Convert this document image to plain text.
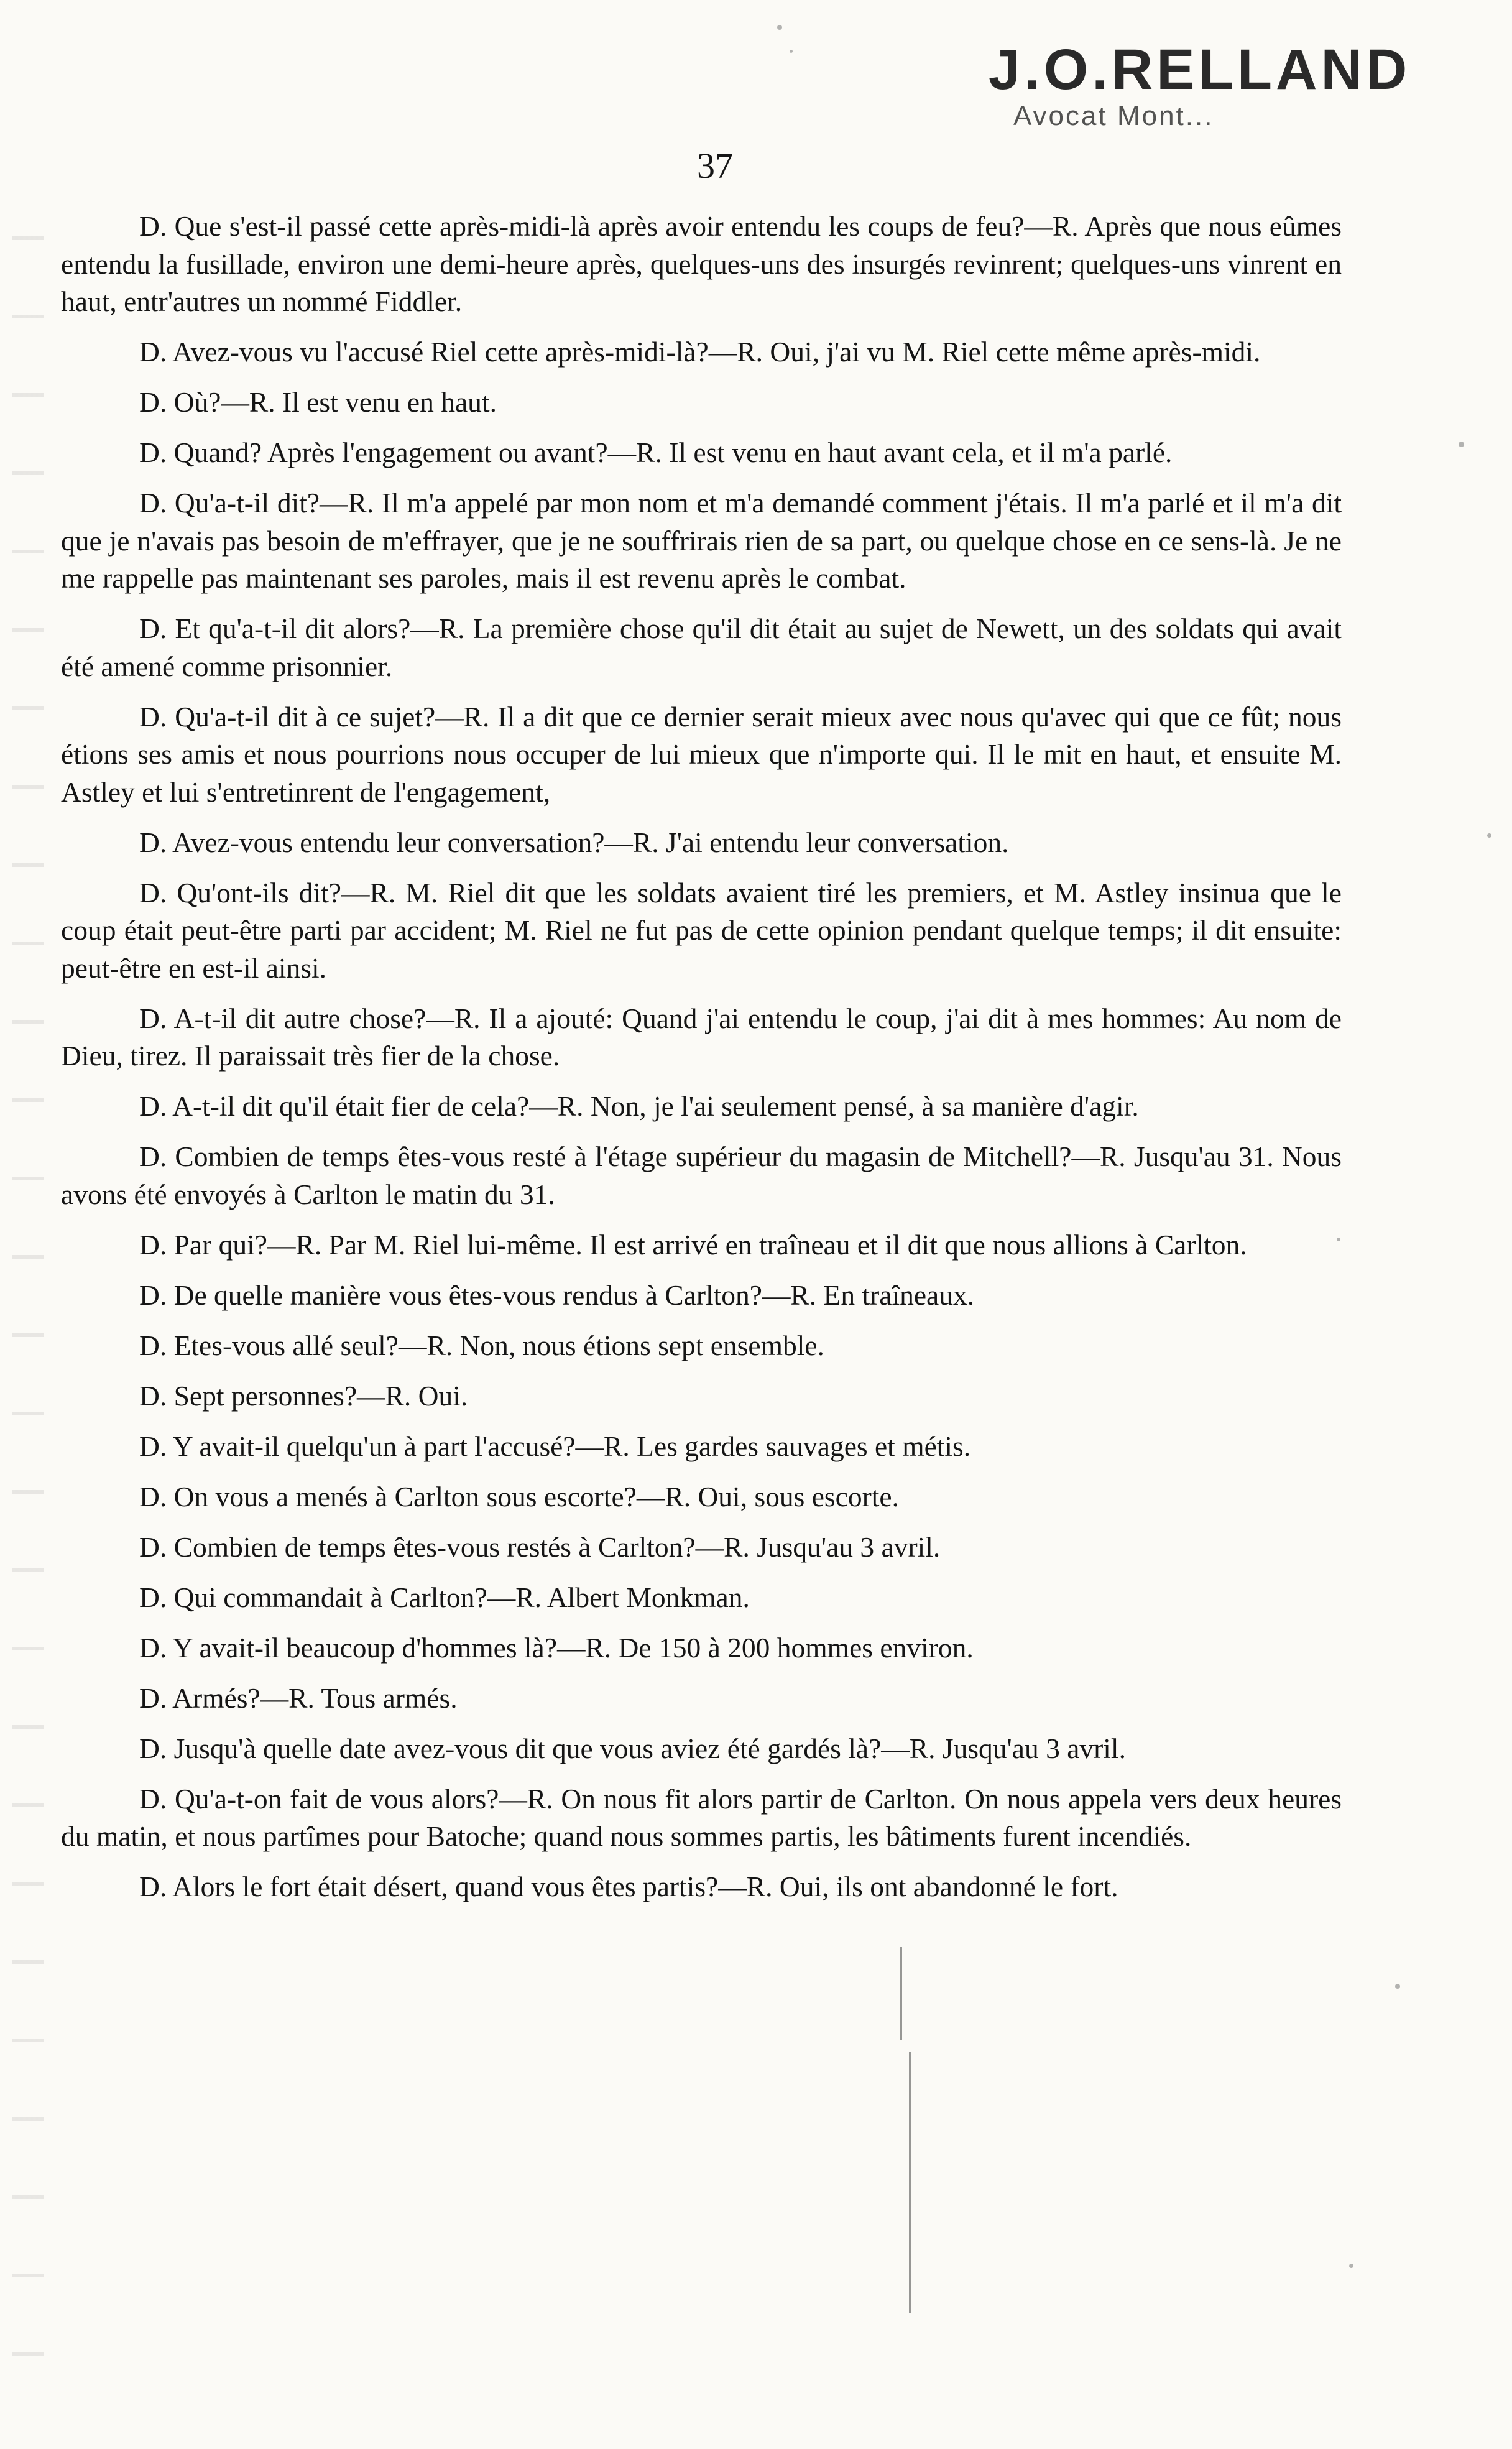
J.O.RELLAND
Avocat Mont...
37

D. Que s'est-il passé cette après-midi-là après avoir entendu les coups de feu?—R. Après que nous eûmes entendu la fusillade, environ une demi-heure après, quelques-uns des insurgés revinrent; quelques-uns vinrent en haut, entr'autres un nommé Fiddler.

D. Avez-vous vu l'accusé Riel cette après-midi-là?—R. Oui, j'ai vu M. Riel cette même après-midi.

D. Où?—R. Il est venu en haut.

D. Quand? Après l'engagement ou avant?—R. Il est venu en haut avant cela, et il m'a parlé.

D. Qu'a-t-il dit?—R. Il m'a appelé par mon nom et m'a demandé comment j'étais. Il m'a parlé et il m'a dit que je n'avais pas besoin de m'effrayer, que je ne souffrirais rien de sa part, ou quelque chose en ce sens-là. Je ne me rappelle pas maintenant ses paroles, mais il est revenu après le combat.

D. Et qu'a-t-il dit alors?—R. La première chose qu'il dit était au sujet de Newett, un des soldats qui avait été amené comme prisonnier.

D. Qu'a-t-il dit à ce sujet?—R. Il a dit que ce dernier serait mieux avec nous qu'avec qui que ce fût; nous étions ses amis et nous pourrions nous occuper de lui mieux que n'importe qui. Il le mit en haut, et ensuite M. Astley et lui s'entretinrent de l'engagement,

D. Avez-vous entendu leur conversation?—R. J'ai entendu leur conversation.

D. Qu'ont-ils dit?—R. M. Riel dit que les soldats avaient tiré les premiers, et M. Astley insinua que le coup était peut-être parti par accident; M. Riel ne fut pas de cette opinion pendant quelque temps; il dit ensuite: peut-être en est-il ainsi.

D. A-t-il dit autre chose?—R. Il a ajouté: Quand j'ai entendu le coup, j'ai dit à mes hommes: Au nom de Dieu, tirez. Il paraissait très fier de la chose.

D. A-t-il dit qu'il était fier de cela?—R. Non, je l'ai seulement pensé, à sa manière d'agir.

D. Combien de temps êtes-vous resté à l'étage supérieur du magasin de Mitchell?—R. Jusqu'au 31. Nous avons été envoyés à Carlton le matin du 31.

D. Par qui?—R. Par M. Riel lui-même. Il est arrivé en traîneau et il dit que nous allions à Carlton.

D. De quelle manière vous êtes-vous rendus à Carlton?—R. En traîneaux.

D. Etes-vous allé seul?—R. Non, nous étions sept ensemble.

D. Sept personnes?—R. Oui.

D. Y avait-il quelqu'un à part l'accusé?—R. Les gardes sauvages et métis.

D. On vous a menés à Carlton sous escorte?—R. Oui, sous escorte.

D. Combien de temps êtes-vous restés à Carlton?—R. Jusqu'au 3 avril.

D. Qui commandait à Carlton?—R. Albert Monkman.

D. Y avait-il beaucoup d'hommes là?—R. De 150 à 200 hommes environ.

D. Armés?—R. Tous armés.

D. Jusqu'à quelle date avez-vous dit que vous aviez été gardés là?—R. Jusqu'au 3 avril.

D. Qu'a-t-on fait de vous alors?—R. On nous fit alors partir de Carlton. On nous appela vers deux heures du matin, et nous partîmes pour Batoche; quand nous sommes partis, les bâtiments furent incendiés.

D. Alors le fort était désert, quand vous êtes partis?—R. Oui, ils ont abandonné le fort.
